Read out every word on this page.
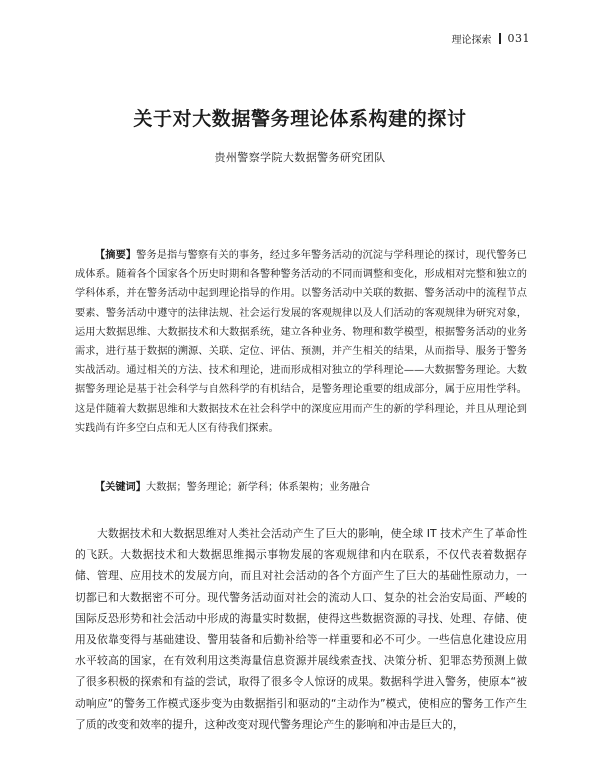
理论探索 031
关于对大数据警务理论体系构建的探讨
贵州警察学院大数据警务研究团队
【摘要】警务是指与警察有关的事务，经过多年警务活动的沉淀与学科理论的探讨，现代警务已成体系。随着各个国家各个历史时期和各警种警务活动的不同而调整和变化，形成相对完整和独立的学科体系，并在警务活动中起到理论指导的作用。以警务活动中关联的数据、警务活动中的流程节点要素、警务活动中遵守的法律法规、社会运行发展的客观规律以及人们活动的客观规律为研究对象，运用大数据思维、大数据技术和大数据系统，建立各种业务、物理和数学模型，根据警务活动的业务需求，进行基于数据的溯源、关联、定位、评估、预测，并产生相关的结果，从而指导、服务于警务实战活动。通过相关的方法、技术和理论，进而形成相对独立的学科理论——大数据警务理论。大数据警务理论是基于社会科学与自然科学的有机结合，是警务理论重要的组成部分，属于应用性学科。这是伴随着大数据思维和大数据技术在社会科学中的深度应用而产生的新的学科理论，并且从理论到实践尚有许多空白点和无人区有待我们探索。
【关键词】大数据；警务理论；新学科；体系架构；业务融合
大数据技术和大数据思维对人类社会活动产生了巨大的影响，使全球 IT 技术产生了革命性的飞跃。大数据技术和大数据思维揭示事物发展的客观规律和内在联系，不仅代表着数据存储、管理、应用技术的发展方向，而且对社会活动的各个方面产生了巨大的基础性原动力，一切都已和大数据密不可分。现代警务活动面对社会的流动人口、复杂的社会治安局面、严峻的国际反恐形势和社会活动中形成的海量实时数据，使得这些数据资源的寻找、处理、存储、使用及依靠变得与基础建设、警用装备和后勤补给等一样重要和必不可少。一些信息化建设应用水平较高的国家，在有效利用这类海量信息资源并展线索查找、决策分析、犯罪态势预测上做了很多积极的探索和有益的尝试，取得了很多令人惊讶的成果。数据科学进入警务，使原本“被动响应”的警务工作模式逐步变为由数据指引和驱动的“主动作为”模式，使相应的警务工作产生了质的改变和效率的提升，这种改变对现代警务理论产生的影响和冲击是巨大的，
